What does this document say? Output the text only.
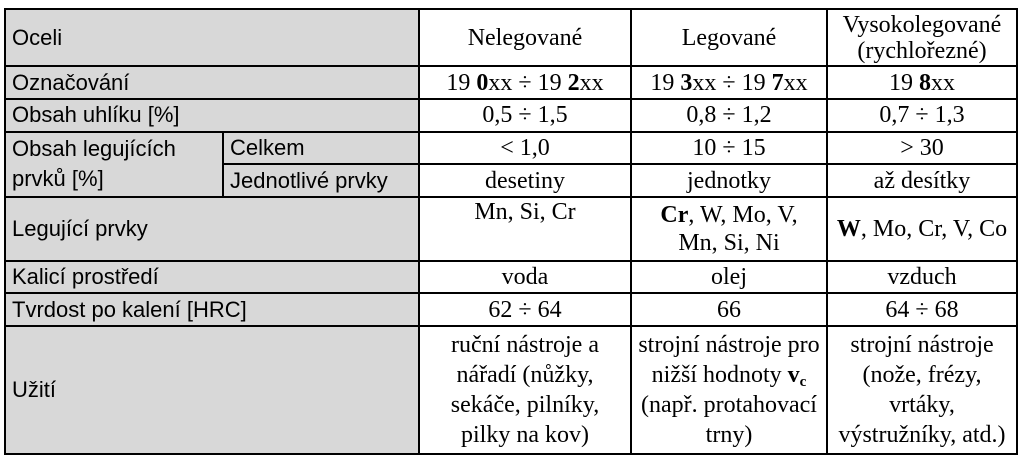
Oceli		Nelegované	Legované	Vysokolegované (rychlořezné)
Označování		19 0xx ÷ 19 2xx	19 3xx ÷ 19 7xx	19 8xx
Obsah uhlíku [%]		0,5 ÷ 1,5	0,8 ÷ 1,2	0,7 ÷ 1,3
Obsah legujících prvků [%]	Celkem	< 1,0	10 ÷ 15	> 30
	Jednotlivé prvky	desetiny	jednotky	až desítky
Legující prvky		Mn, Si, Cr	Cr, W, Mo, V, Mn, Si, Ni	W, Mo, Cr, V, Co
Kalicí prostředí		voda	olej	vzduch
Tvrdost po kalení [HRC]		62 ÷ 64	66	64 ÷ 68
Užití		ruční nástroje a nářadí (nůžky, sekáče, pilníky, pilky na kov)	strojní nástroje pro nižší hodnoty $v_c$ (např. protahovací trny)	strojní nástroje (nože, frézy, vrtáky, výstružníky, atd.)
